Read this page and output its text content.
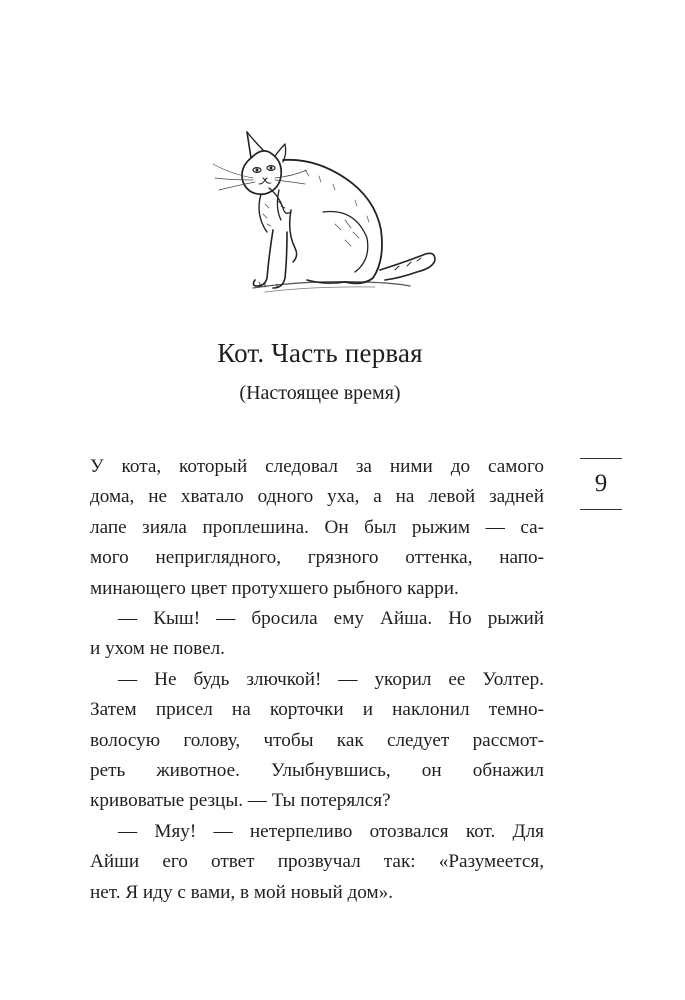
Кот. Часть первая
(Настоящее время)
9
У кота, который следовал за ними до самого
дома, не хватало одного уха, а на левой задней
лапе зияла проплешина. Он был рыжим — са-
мого неприглядного, грязного оттенка, напо-
минающего цвет протухшего рыбного карри.
— Кыш! — бросила ему Айша. Но рыжий
и ухом не повел.
— Не будь злючкой! — укорил ее Уолтер.
Затем присел на корточки и наклонил темно-
волосую голову, чтобы как следует рассмот-
реть животное. Улыбнувшись, он обнажил
кривоватые резцы. — Ты потерялся?
— Мяу! — нетерпеливо отозвался кот. Для
Айши его ответ прозвучал так: «Разумеется,
нет. Я иду с вами, в мой новый дом».
